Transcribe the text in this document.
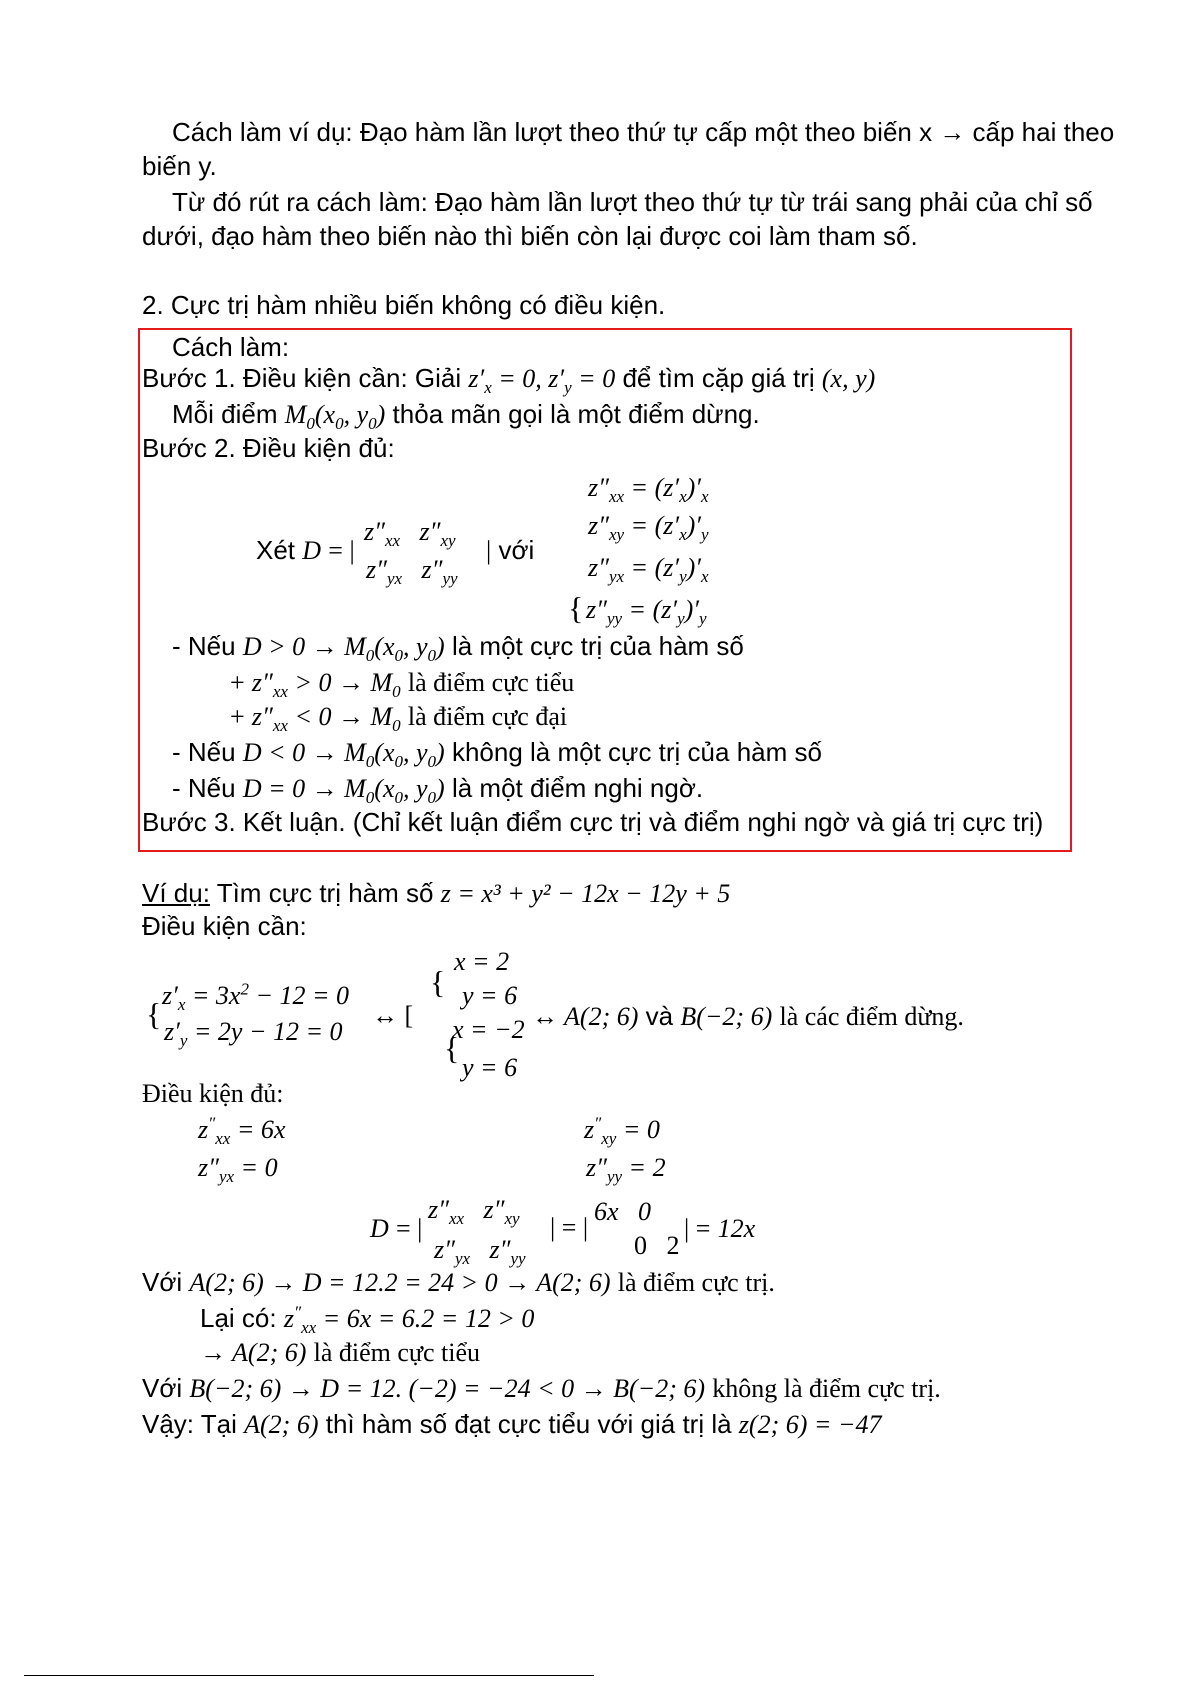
Cách làm ví dụ: Đạo hàm lần lượt theo thứ tự cấp một theo biến x → cấp hai theo
biến y.
Từ đó rút ra cách làm: Đạo hàm lần lượt theo thứ tự từ trái sang phải của chỉ số
dưới, đạo hàm theo biến nào thì biến còn lại được coi làm tham số.
2. Cực trị hàm nhiều biến không có điều kiện.
Cách làm:
Bước 1. Điều kiện cần: Giải $z'_x = 0$, $z'_y = 0$ để tìm cặp giá trị (x, y)
Mỗi điểm $M_0(x_0$, $y_0$) thỏa mãn gọi là một điểm dừng.
Bước 2. Điều kiện đủ:
Xét D = |
$z''_{xx}$   $z''_{xy}$
$z''_{yx}$   $z''_{yy}$
| với
$z''_{xx} = (z'_x)'_x$
$z''_{xy} = (z'_x)'_y$
$z''_{yx} = (z'_y)'_x$
{ $z''_{yy} = (z'_y)'_y$
- Nếu $D > 0 \to M_0(x_0$, $y_0$) là một cực trị của hàm số
+ $z''_{xx} > 0 \to M_0$ là điểm cực tiểu
+ $z''_{xx} < 0 \to M_0$ là điểm cực đại
- Nếu $D < 0 \to M_0(x_0$, $y_0$) không là một cực trị của hàm số
- Nếu $D = 0 \to M_0(x_0$, $y_0$) là một điểm nghi ngờ.
Bước 3. Kết luận. (Chỉ kết luận điểm cực trị và điểm nghi ngờ và giá trị cực trị)
Ví dụ: Tìm cực trị hàm số z = x³ + y² − 12x − 12y + 5
Điều kiện cần:
{
$z'_x = 3x^2 - 12 = 0$
$z'_y = 2y - 12 = 0$
↔ [
{
x = 2
y = 6
{
x = −2
y = 6
↔ A(2; 6) và B(−2; 6) là các điểm dừng.
Điều kiện đủ:
$z''_{xx} = 6x$	$z''_{xy} = 0$
$z''_{yx} = 0$	$z''_{yy} = 2$
D = |
$z''_{xx}$   $z''_{xy}$
$z''_{yx}$   $z''_{yy}$
| = |
6x   0
0   2
| = 12x
Với A(2; 6) → D = 12.2 = 24 > 0 → A(2; 6) là điểm cực trị.
Lại có: $z''_{xx} = 6x = 6.2 = 12 > 0$
→ A(2; 6) là điểm cực tiểu
Với B(−2; 6) → D = 12. (−2) = −24 < 0 → B(−2; 6) không là điểm cực trị.
Vậy: Tại A(2; 6) thì hàm số đạt cực tiểu với giá trị là z(2; 6) = −47
